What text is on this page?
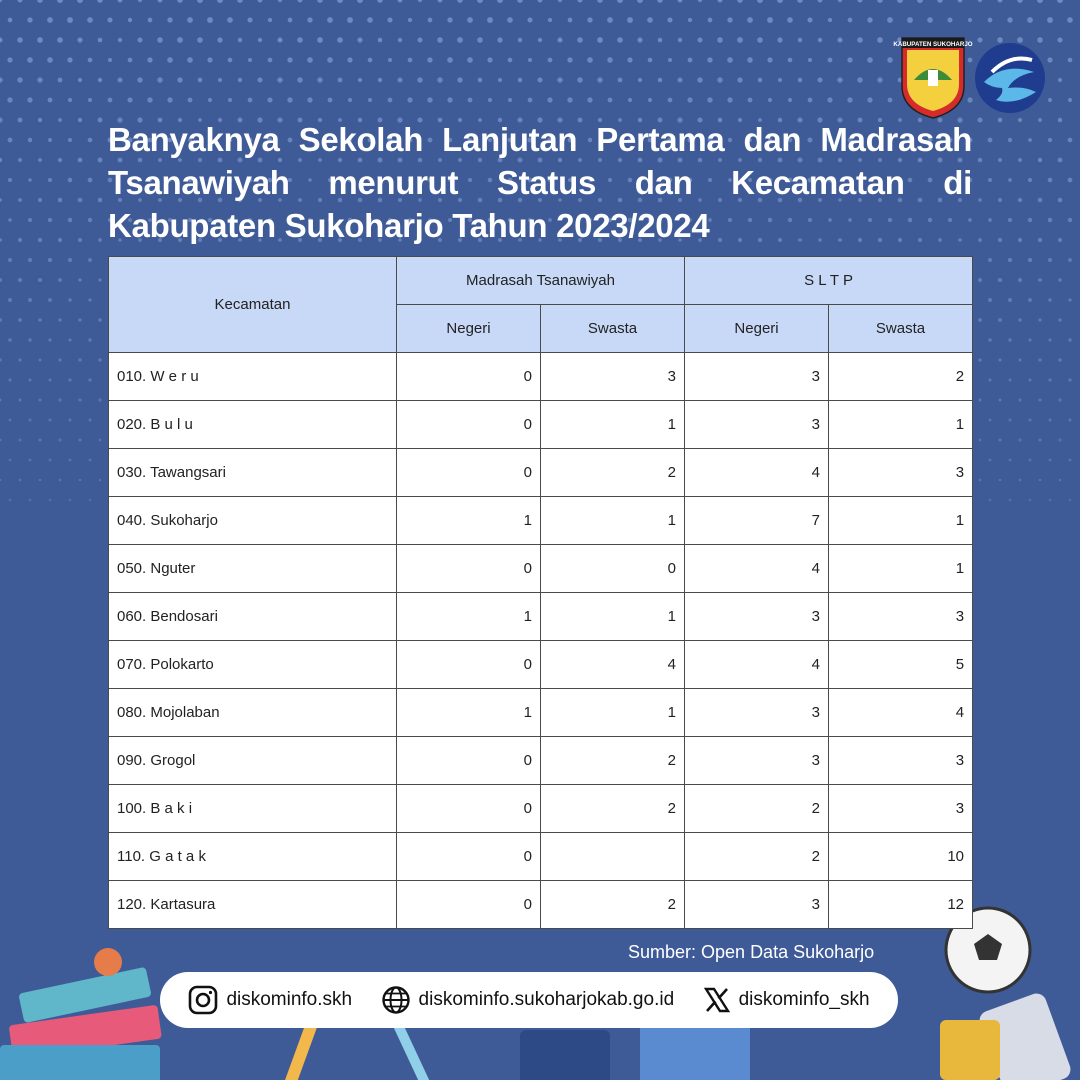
KABUPATEN SUKOHARJO
Banyaknya Sekolah Lanjutan Pertama dan Madrasah Tsanawiyah menurut Status dan Kecamatan di Kabupaten Sukoharjo Tahun 2023/2024
Kecamatan	Madrasah Tsanawiyah		S L T P	
	Negeri	Swasta	Negeri	Swasta
010. W e r u	0	3	3	2
020. B u l u	0	1	3	1
030. Tawangsari	0	2	4	3
040. Sukoharjo	1	1	7	1
050. Nguter	0	0	4	1
060. Bendosari	1	1	3	3
070. Polokarto	0	4	4	5
080. Mojolaban	1	1	3	4
090. Grogol	0	2	3	3
100. B a k i	0	2	2	3
110. G a t a k	0		2	10
120. Kartasura	0	2	3	12
Sumber: Open Data Sukoharjo
diskominfo.skh	diskominfo.sukoharjokab.go.id	diskominfo_skh
